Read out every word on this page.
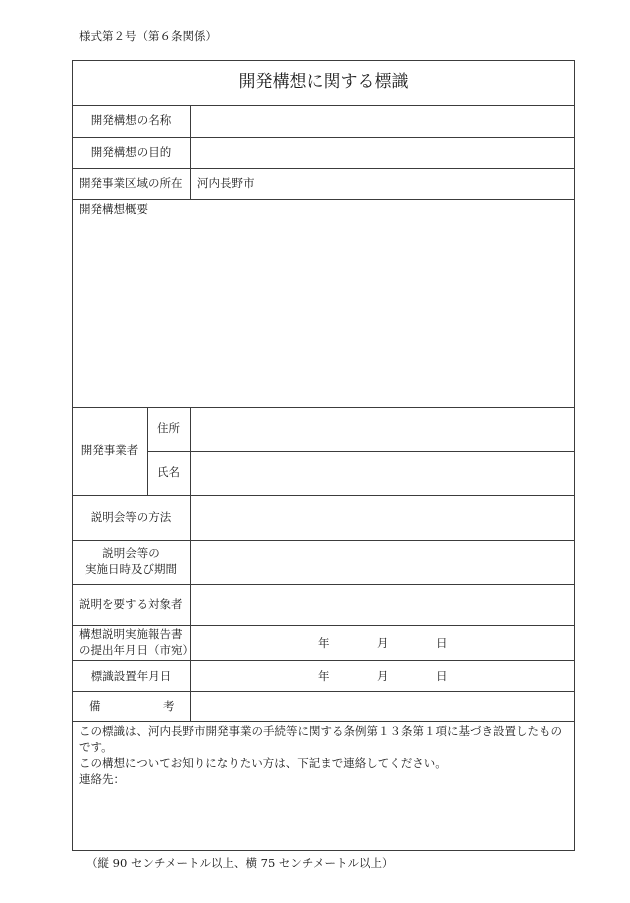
様式第２号（第６条関係）
開発構想に関する標識
開発構想の名称
開発構想の目的
開発事業区域の所在 河内長野市
開発構想概要
開発事業者
住所
氏名
説明会等の方法
説明会等の
実施日時及び期間
説明を要する対象者
構想説明実施報告書
の提出年月日（市宛）	年	月	日
標識設置年月日	年	月	日
備	考
この標識は、河内長野市開発事業の手続等に関する条例第１３条第１項に基づき設置したもの
です。
この構想についてお知りになりたい方は、下記まで連絡してください。
連絡先：
（縦 90 センチメートル以上、横 75 センチメートル以上）
